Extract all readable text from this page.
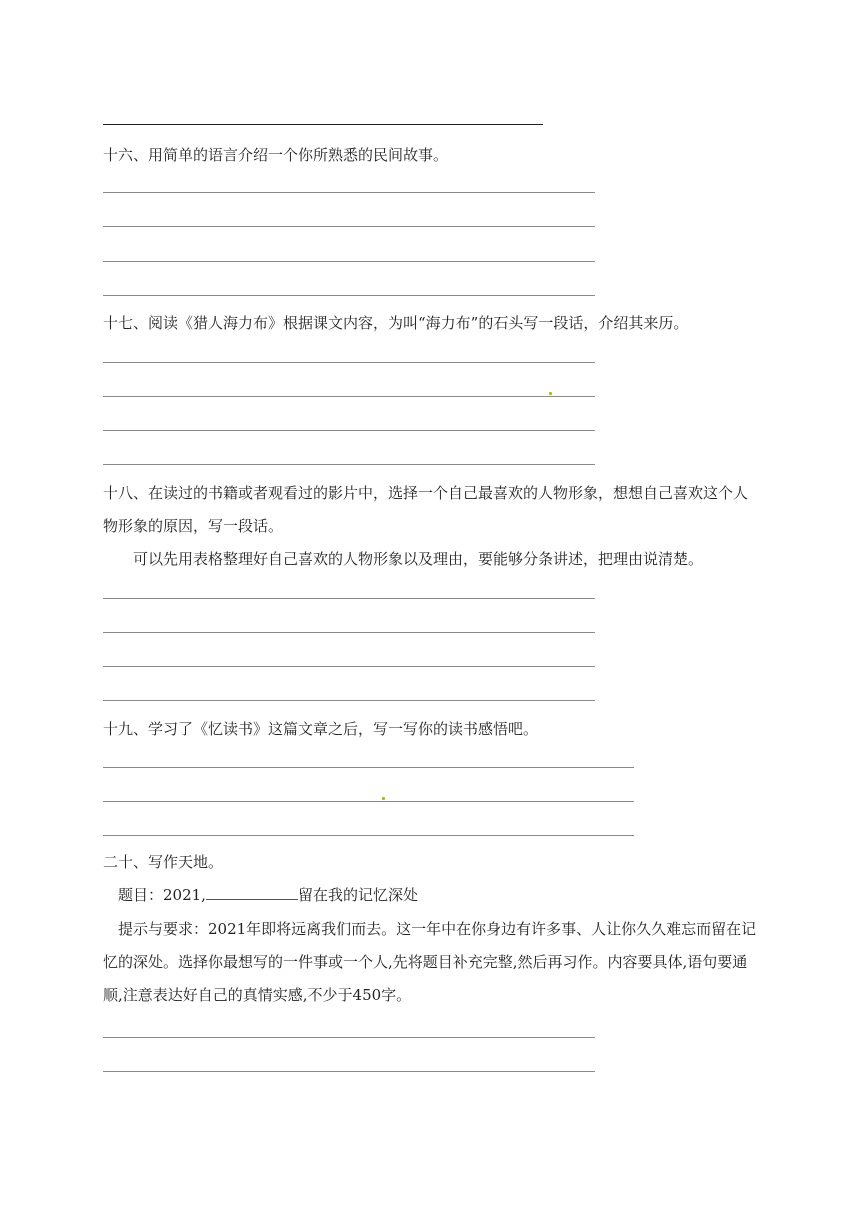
十六、用简单的语言介绍一个你所熟悉的民间故事。
十七、阅读《猎人海力布》根据课文内容，为叫“海力布”的石头写一段话，介绍其来历。
十八、在读过的书籍或者观看过的影片中，选择一个自己最喜欢的人物形象，想想自己喜欢这个人
物形象的原因，写一段话。
可以先用表格整理好自己喜欢的人物形象以及理由，要能够分条讲述，把理由说清楚。
十九、学习了《忆读书》这篇文章之后，写一写你的读书感悟吧。
二十、写作天地。
题目：2021,	留在我的记忆深处
提示与要求：2021年即将远离我们而去。这一年中在你身边有许多事、人让你久久难忘而留在记
忆的深处。选择你最想写的一件事或一个人,先将题目补充完整,然后再习作。内容要具体,语句要通
顺,注意表达好自己的真情实感,不少于450字。
